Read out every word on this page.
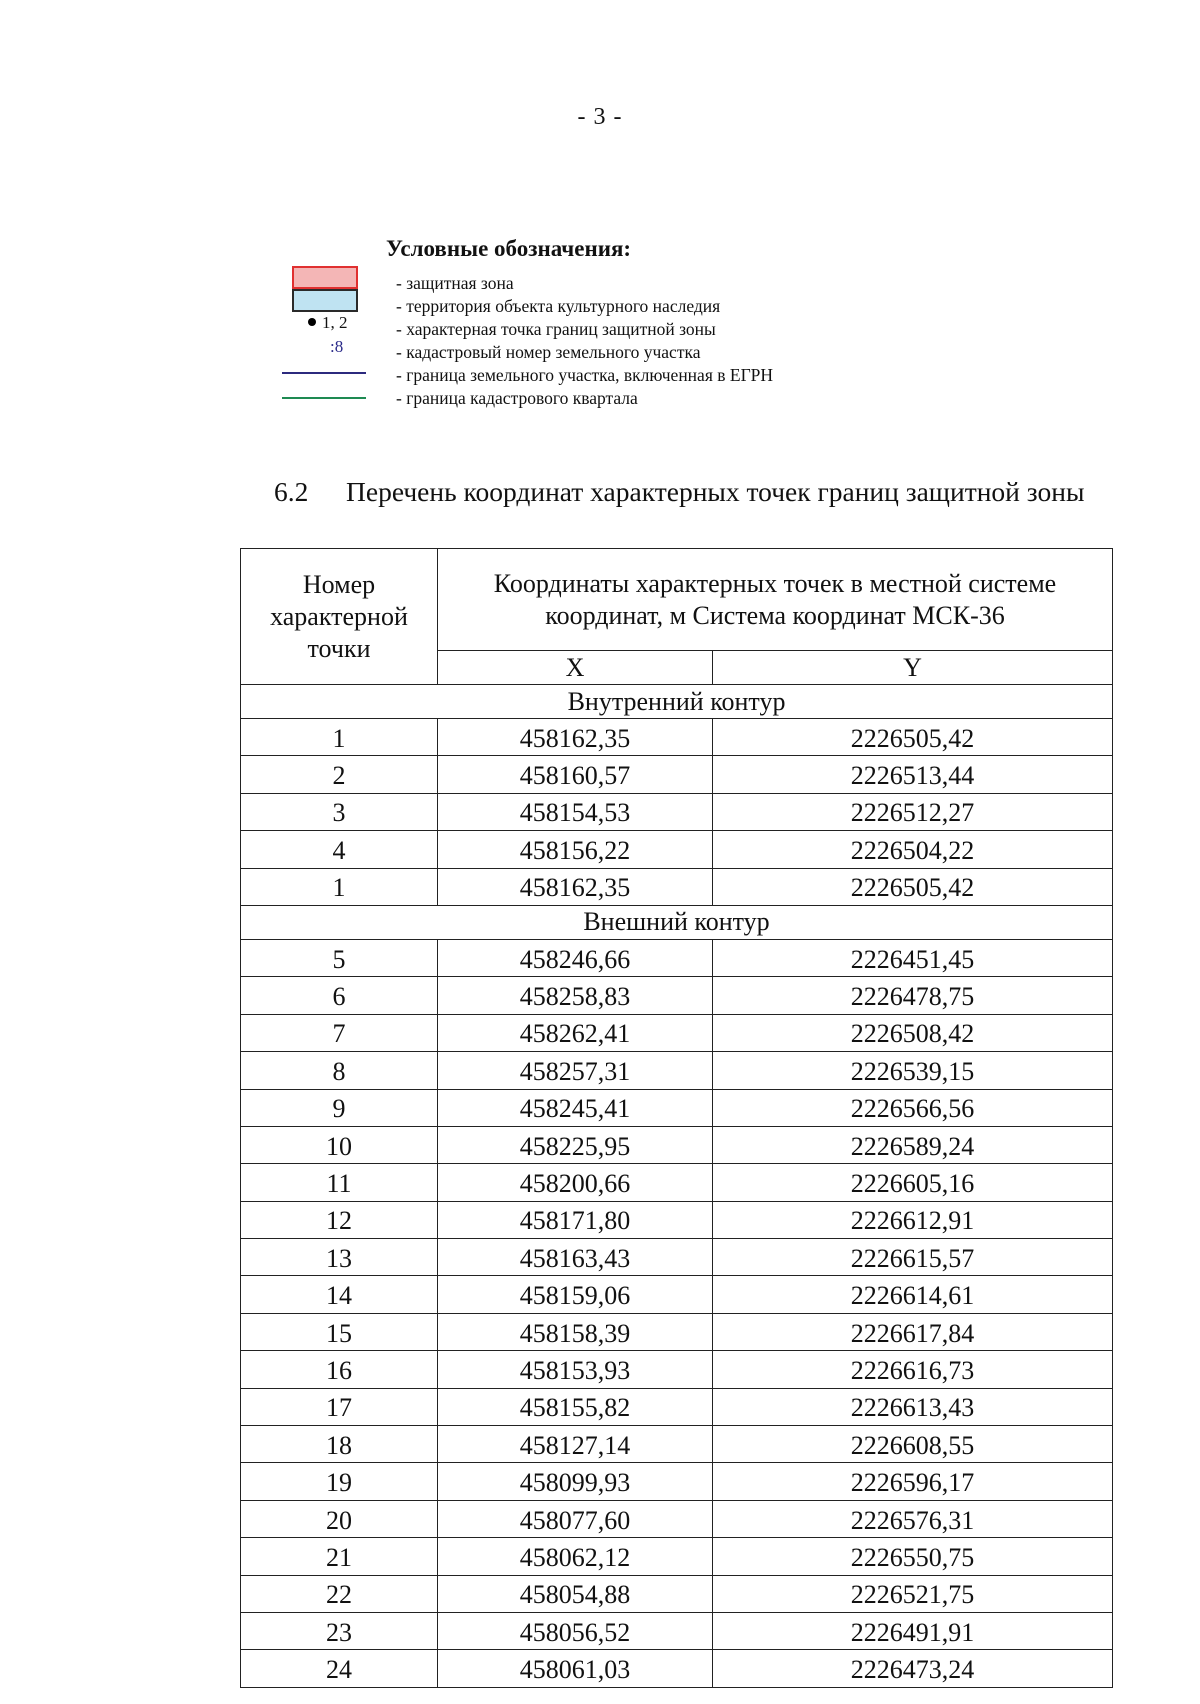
- 3 -
Условные обозначения:
1, 2
:8
- защитная зона
- территория объекта культурного наследия
- характерная точка границ защитной зоны
- кадастровый номер земельного участка
- граница земельного участка, включенная в ЕГРН
- граница кадастрового квартала
6.2 Перечень координат характерных точек границ защитной зоны
Номер характерной точки	Координаты характерных точек в местной системе координат, м Система координат МСК-36	
	X	Y
Внутренний контур		
1	458162,35	2226505,42
2	458160,57	2226513,44
3	458154,53	2226512,27
4	458156,22	2226504,22
1	458162,35	2226505,42
Внешний контур		
5	458246,66	2226451,45
6	458258,83	2226478,75
7	458262,41	2226508,42
8	458257,31	2226539,15
9	458245,41	2226566,56
10	458225,95	2226589,24
11	458200,66	2226605,16
12	458171,80	2226612,91
13	458163,43	2226615,57
14	458159,06	2226614,61
15	458158,39	2226617,84
16	458153,93	2226616,73
17	458155,82	2226613,43
18	458127,14	2226608,55
19	458099,93	2226596,17
20	458077,60	2226576,31
21	458062,12	2226550,75
22	458054,88	2226521,75
23	458056,52	2226491,91
24	458061,03	2226473,24
